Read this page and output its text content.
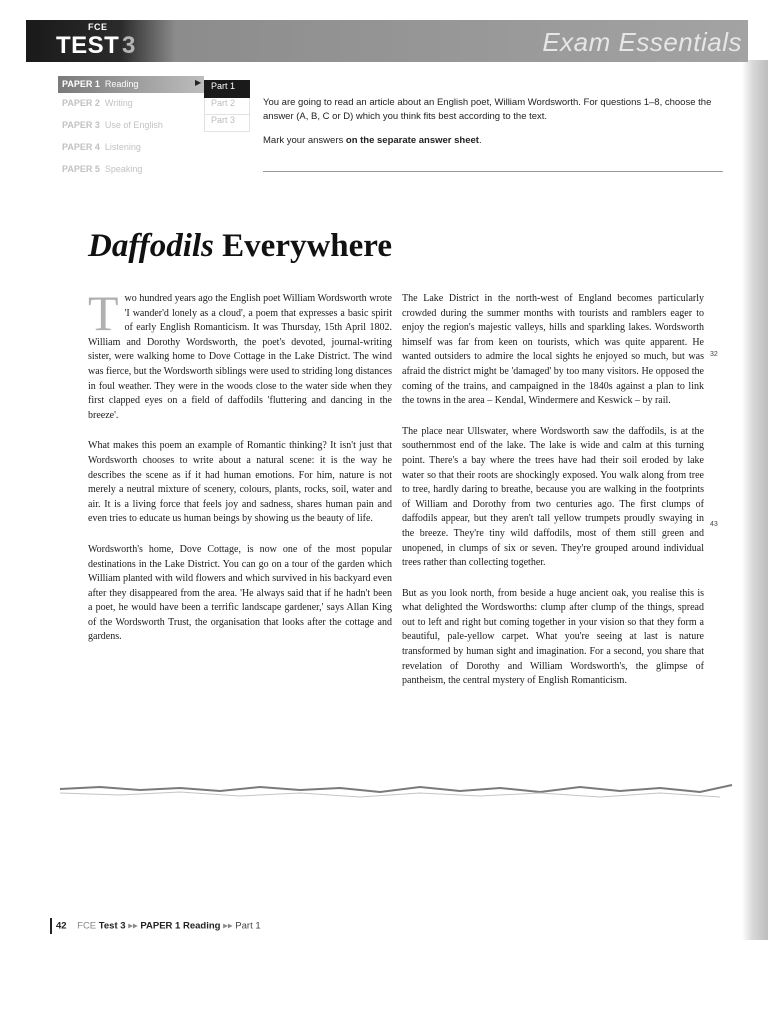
FCE
TEST 3	Exam Essentials
PAPER 1 Reading
PAPER 2 Writing
PAPER 3 Use of English
PAPER 4 Listening
PAPER 5 Speaking
▶	Part 1
Part 2
Part 3

You are going to read an article about an English poet, William Wordsworth. For questions 1–8, choose the answer (A, B, C or D) which you think fits best according to the text.

Mark your answers on the separate answer sheet.

Daffodils Everywhere

Two hundred years ago the English poet William Wordsworth wrote 'I wander'd lonely as a cloud', a poem that expresses a basic spirit of early English Romanticism. It was Thursday, 15th April 1802. William and Dorothy Wordsworth, the poet's devoted, journal-writing sister, were walking home to Dove Cottage in the Lake District. The wind was fierce, but the Wordsworth siblings were used to striding long distances in foul weather. They were in the woods close to the water side when they first clapped eyes on a field of daffodils 'fluttering and dancing in the breeze'.

What makes this poem an example of Romantic thinking? It isn't just that Wordsworth chooses to write about a natural scene: it is the way he describes the scene as if it had human emotions. For him, nature is not merely a neutral mixture of scenery, colours, plants, rocks, soil, water and air. It is a living force that feels joy and sadness, shares human pain and even tries to educate us human beings by showing us the beauty of life.

Wordsworth's home, Dove Cottage, is now one of the most popular destinations in the Lake District. You can go on a tour of the garden which William planted with wild flowers and which survived in his backyard even after they disappeared from the area. 'He always said that if he hadn't been a poet, he would have been a terrific landscape gardener,' says Allan King of the Wordsworth Trust, the organisation that looks after the cottage and gardens.

The Lake District in the north-west of England becomes particularly crowded during the summer months with tourists and ramblers eager to enjoy the region's majestic valleys, hills and sparkling lakes. Wordsworth himself was far from keen on tourists, which was quite apparent. He wanted outsiders to admire the local sights he enjoyed so much, but was afraid the district might be 'damaged' by too many visitors. He opposed the coming of the trains, and campaigned in the 1840s against a plan to link the towns in the area – Kendal, Windermere and Keswick – by rail.

The place near Ullswater, where Wordsworth saw the daffodils, is at the southernmost end of the lake. The lake is wide and calm at this turning point. There's a bay where the trees have had their soil eroded by lake water so that their roots are shockingly exposed. You walk along from tree to tree, hardly daring to breathe, because you are walking in the footprints of William and Dorothy from two centuries ago. The first clumps of daffodils appear, but they aren't tall yellow trumpets proudly swaying in the breeze. They're tiny wild daffodils, most of them still green and unopened, in clumps of six or seven. They're grouped around individual trees rather than collecting together.

But as you look north, from beside a huge ancient oak, you realise this is what delighted the Wordsworths: clump after clump of the things, spread out to left and right but coming together in your vision so that they form a beautiful, pale-yellow carpet. What you're seeing at last is nature transformed by human sight and imagination. For a second, you share that revelation of Dorothy and William Wordsworth's, the glimpse of pantheism, the central mystery of English Romanticism.

32
43
42 FCE Test 3 ▸▸ PAPER 1 Reading ▸▸ Part 1
